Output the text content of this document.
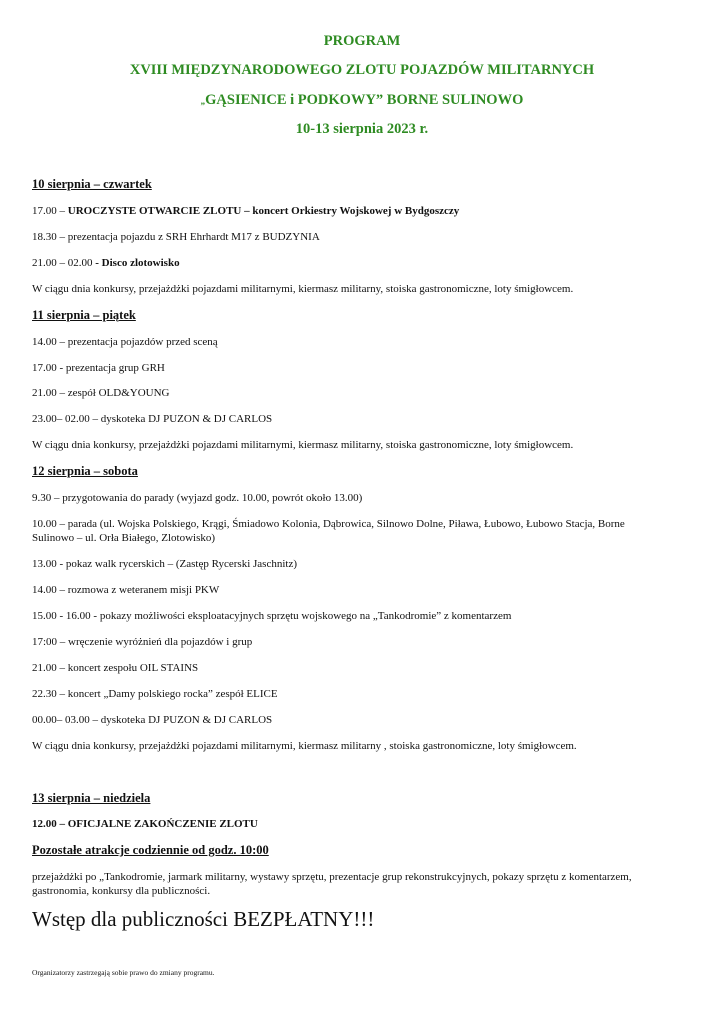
PROGRAM
XVIII MIĘDZYNARODOWEGO ZLOTU POJAZDÓW MILITARNYCH
„GĄSIENICE i PODKOWY” BORNE SULINOWO
10-13 sierpnia 2023 r.
10 sierpnia – czwartek
17.00 – UROCZYSTE OTWARCIE ZLOTU – koncert Orkiestry Wojskowej w Bydgoszczy
18.30 – prezentacja pojazdu z SRH Ehrhardt M17 z BUDZYNIA
21.00 – 02.00 - Disco zlotowisko
W ciągu dnia konkursy, przejażdżki pojazdami militarnymi, kiermasz militarny, stoiska gastronomiczne, loty śmigłowcem.
11 sierpnia – piątek
14.00 – prezentacja pojazdów przed sceną
17.00 - prezentacja grup GRH
21.00 – zespół OLD&YOUNG
23.00– 02.00 – dyskoteka DJ PUZON & DJ CARLOS
W ciągu dnia konkursy, przejażdżki pojazdami militarnymi, kiermasz militarny, stoiska gastronomiczne, loty śmigłowcem.
12 sierpnia – sobota
9.30 – przygotowania do parady (wyjazd godz. 10.00, powrót około 13.00)
10.00 – parada (ul. Wojska Polskiego, Krągi, Śmiadowo Kolonia, Dąbrowica, Silnowo Dolne, Piława, Łubowo, Łubowo Stacja, Borne
Sulinowo – ul. Orła Białego, Zlotowisko)
13.00 - pokaz walk rycerskich – (Zastęp Rycerski Jaschnitz)
14.00 – rozmowa z weteranem misji PKW
15.00 - 16.00 - pokazy możliwości eksploatacyjnych sprzętu wojskowego na „Tankodromie” z komentarzem
17:00 – wręczenie wyróżnień dla pojazdów i grup
21.00 – koncert zespołu OIL STAINS
22.30 – koncert „Damy polskiego rocka” zespół ELICE
00.00– 03.00 – dyskoteka DJ PUZON & DJ CARLOS
W ciągu dnia konkursy, przejażdżki pojazdami militarnymi, kiermasz militarny , stoiska gastronomiczne, loty śmigłowcem.
13 sierpnia – niedziela
12.00 – OFICJALNE ZAKOŃCZENIE ZLOTU
Pozostałe atrakcje codziennie od godz. 10:00
przejażdżki po „Tankodromie, jarmark militarny, wystawy sprzętu, prezentacje grup rekonstrukcyjnych, pokazy sprzętu z komentarzem,
gastronomia, konkursy dla publiczności.
Wstęp dla publiczności BEZPŁATNY!!!
Organizatorzy zastrzegają sobie prawo do zmiany programu.
